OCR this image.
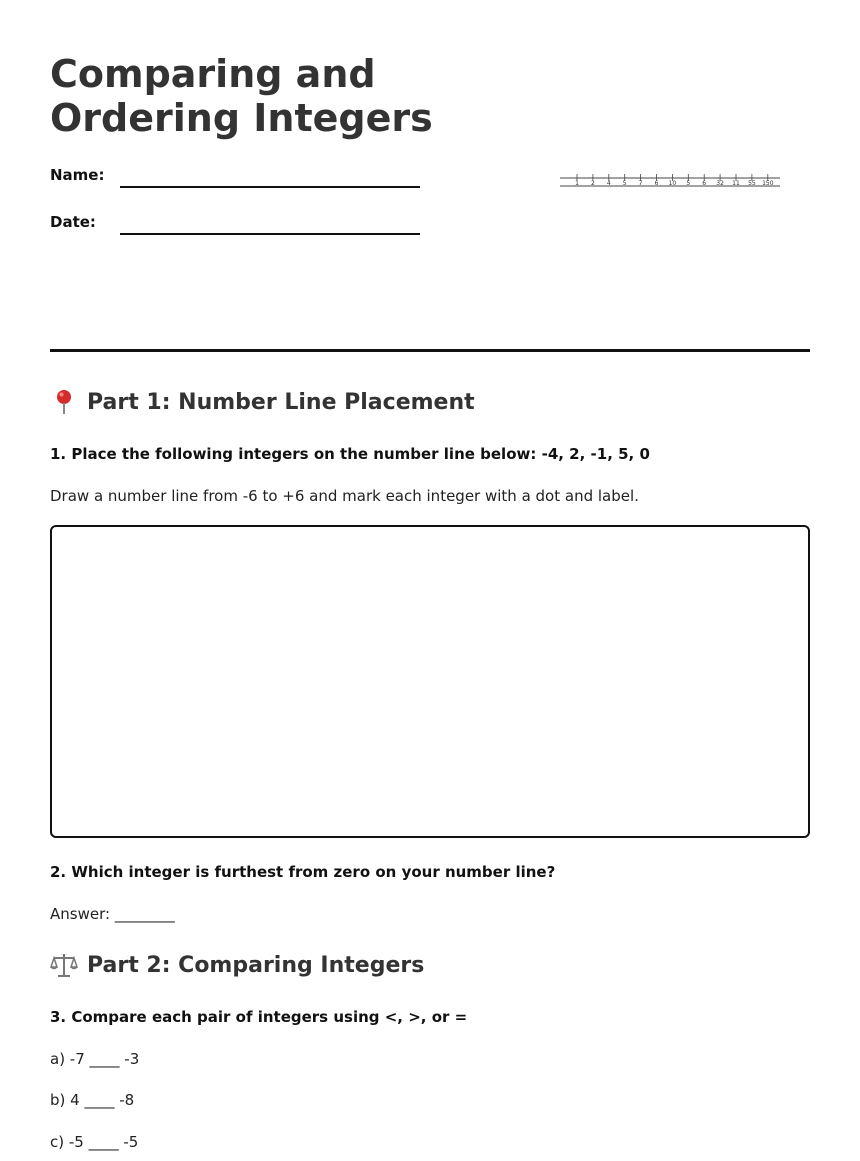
Comparing and Ordering Integers
Name:
Date:
1 2 4 5 7 6 10 5 6 32 11 55 150
Part 1: Number Line Placement
1. Place the following integers on the number line below: -4, 2, -1, 5, 0
Draw a number line from -6 to +6 and mark each integer with a dot and label.
2. Which integer is furthest from zero on your number line?
Answer: ________
Part 2: Comparing Integers
3. Compare each pair of integers using <, >, or =
a) -7 ____ -3
b) 4 ____ -8
c) -5 ____ -5
